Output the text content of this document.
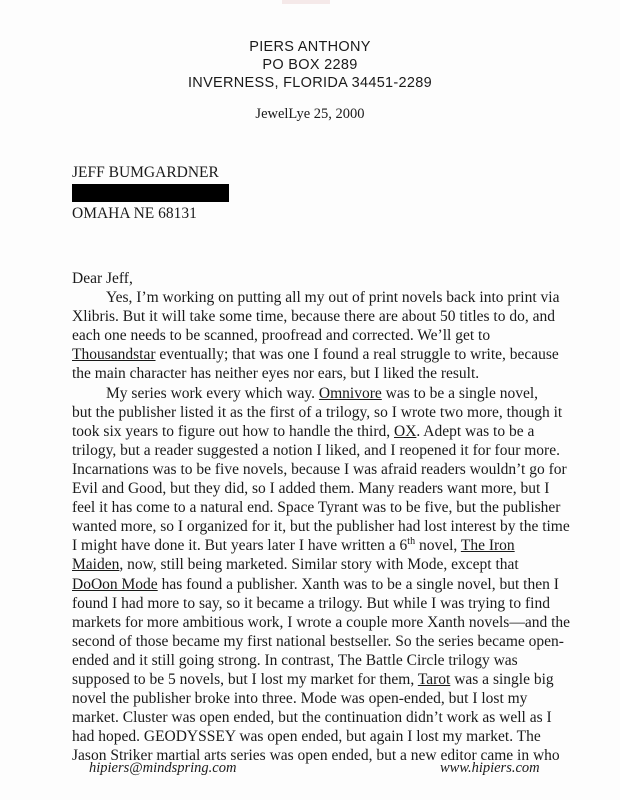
PIERS ANTHONY
PO BOX 2289
INVERNESS, FLORIDA 34451-2289
JewelLye 25, 2000
JEFF BUMGARDNER
OMAHA NE 68131
Dear Jeff,
Yes, I’m working on putting all my out of print novels back into print via
Xlibris. But it will take some time, because there are about 50 titles to do, and
each one needs to be scanned, proofread and corrected. We’ll get to
Thousandstar eventually; that was one I found a real struggle to write, because
the main character has neither eyes nor ears, but I liked the result.
My series work every which way. Omnivore was to be a single novel,
but the publisher listed it as the first of a trilogy, so I wrote two more, though it
took six years to figure out how to handle the third, OX. Adept was to be a
trilogy, but a reader suggested a notion I liked, and I reopened it for four more.
Incarnations was to be five novels, because I was afraid readers wouldn’t go for
Evil and Good, but they did, so I added them. Many readers want more, but I
feel it has come to a natural end. Space Tyrant was to be five, but the publisher
wanted more, so I organized for it, but the publisher had lost interest by the time
I might have done it. But years later I have written a 6th novel, The Iron
Maiden, now, still being marketed. Similar story with Mode, except that
DoOon Mode has found a publisher. Xanth was to be a single novel, but then I
found I had more to say, so it became a trilogy. But while I was trying to find
markets for more ambitious work, I wrote a couple more Xanth novels—and the
second of those became my first national bestseller. So the series became open-
ended and it still going strong. In contrast, The Battle Circle trilogy was
supposed to be 5 novels, but I lost my market for them, Tarot was a single big
novel the publisher broke into three. Mode was open-ended, but I lost my
market. Cluster was open ended, but the continuation didn’t work as well as I
had hoped. GEODYSSEY was open ended, but again I lost my market. The
Jason Striker martial arts series was open ended, but a new editor came in who
hipiers@mindspring.com	www.hipiers.com
